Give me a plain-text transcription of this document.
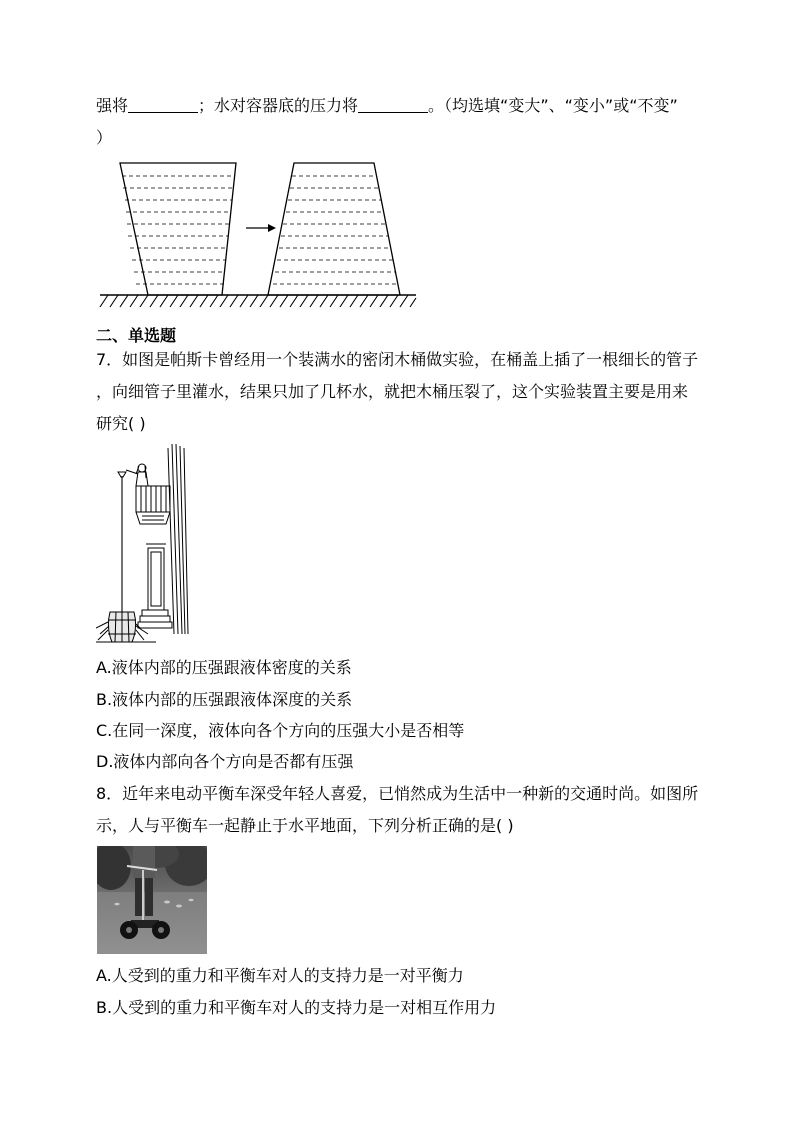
强将	；水对容器底的压力将	。（均选填“变大”、“变小”或“不变”
）
二、单选题
7．如图是帕斯卡曾经用一个装满水的密闭木桶做实验，在桶盖上插了一根细长的管子
，向细管子里灌水，结果只加了几杯水，就把木桶压裂了，这个实验装置主要是用来
研究( )
A.液体内部的压强跟液体密度的关系
B.液体内部的压强跟液体深度的关系
C.在同一深度，液体向各个方向的压强大小是否相等
D.液体内部向各个方向是否都有压强
8．近年来电动平衡车深受年轻人喜爱，已悄然成为生活中一种新的交通时尚。如图所
示，人与平衡车一起静止于水平地面，下列分析正确的是( )
A.人受到的重力和平衡车对人的支持力是一对平衡力
B.人受到的重力和平衡车对人的支持力是一对相互作用力
